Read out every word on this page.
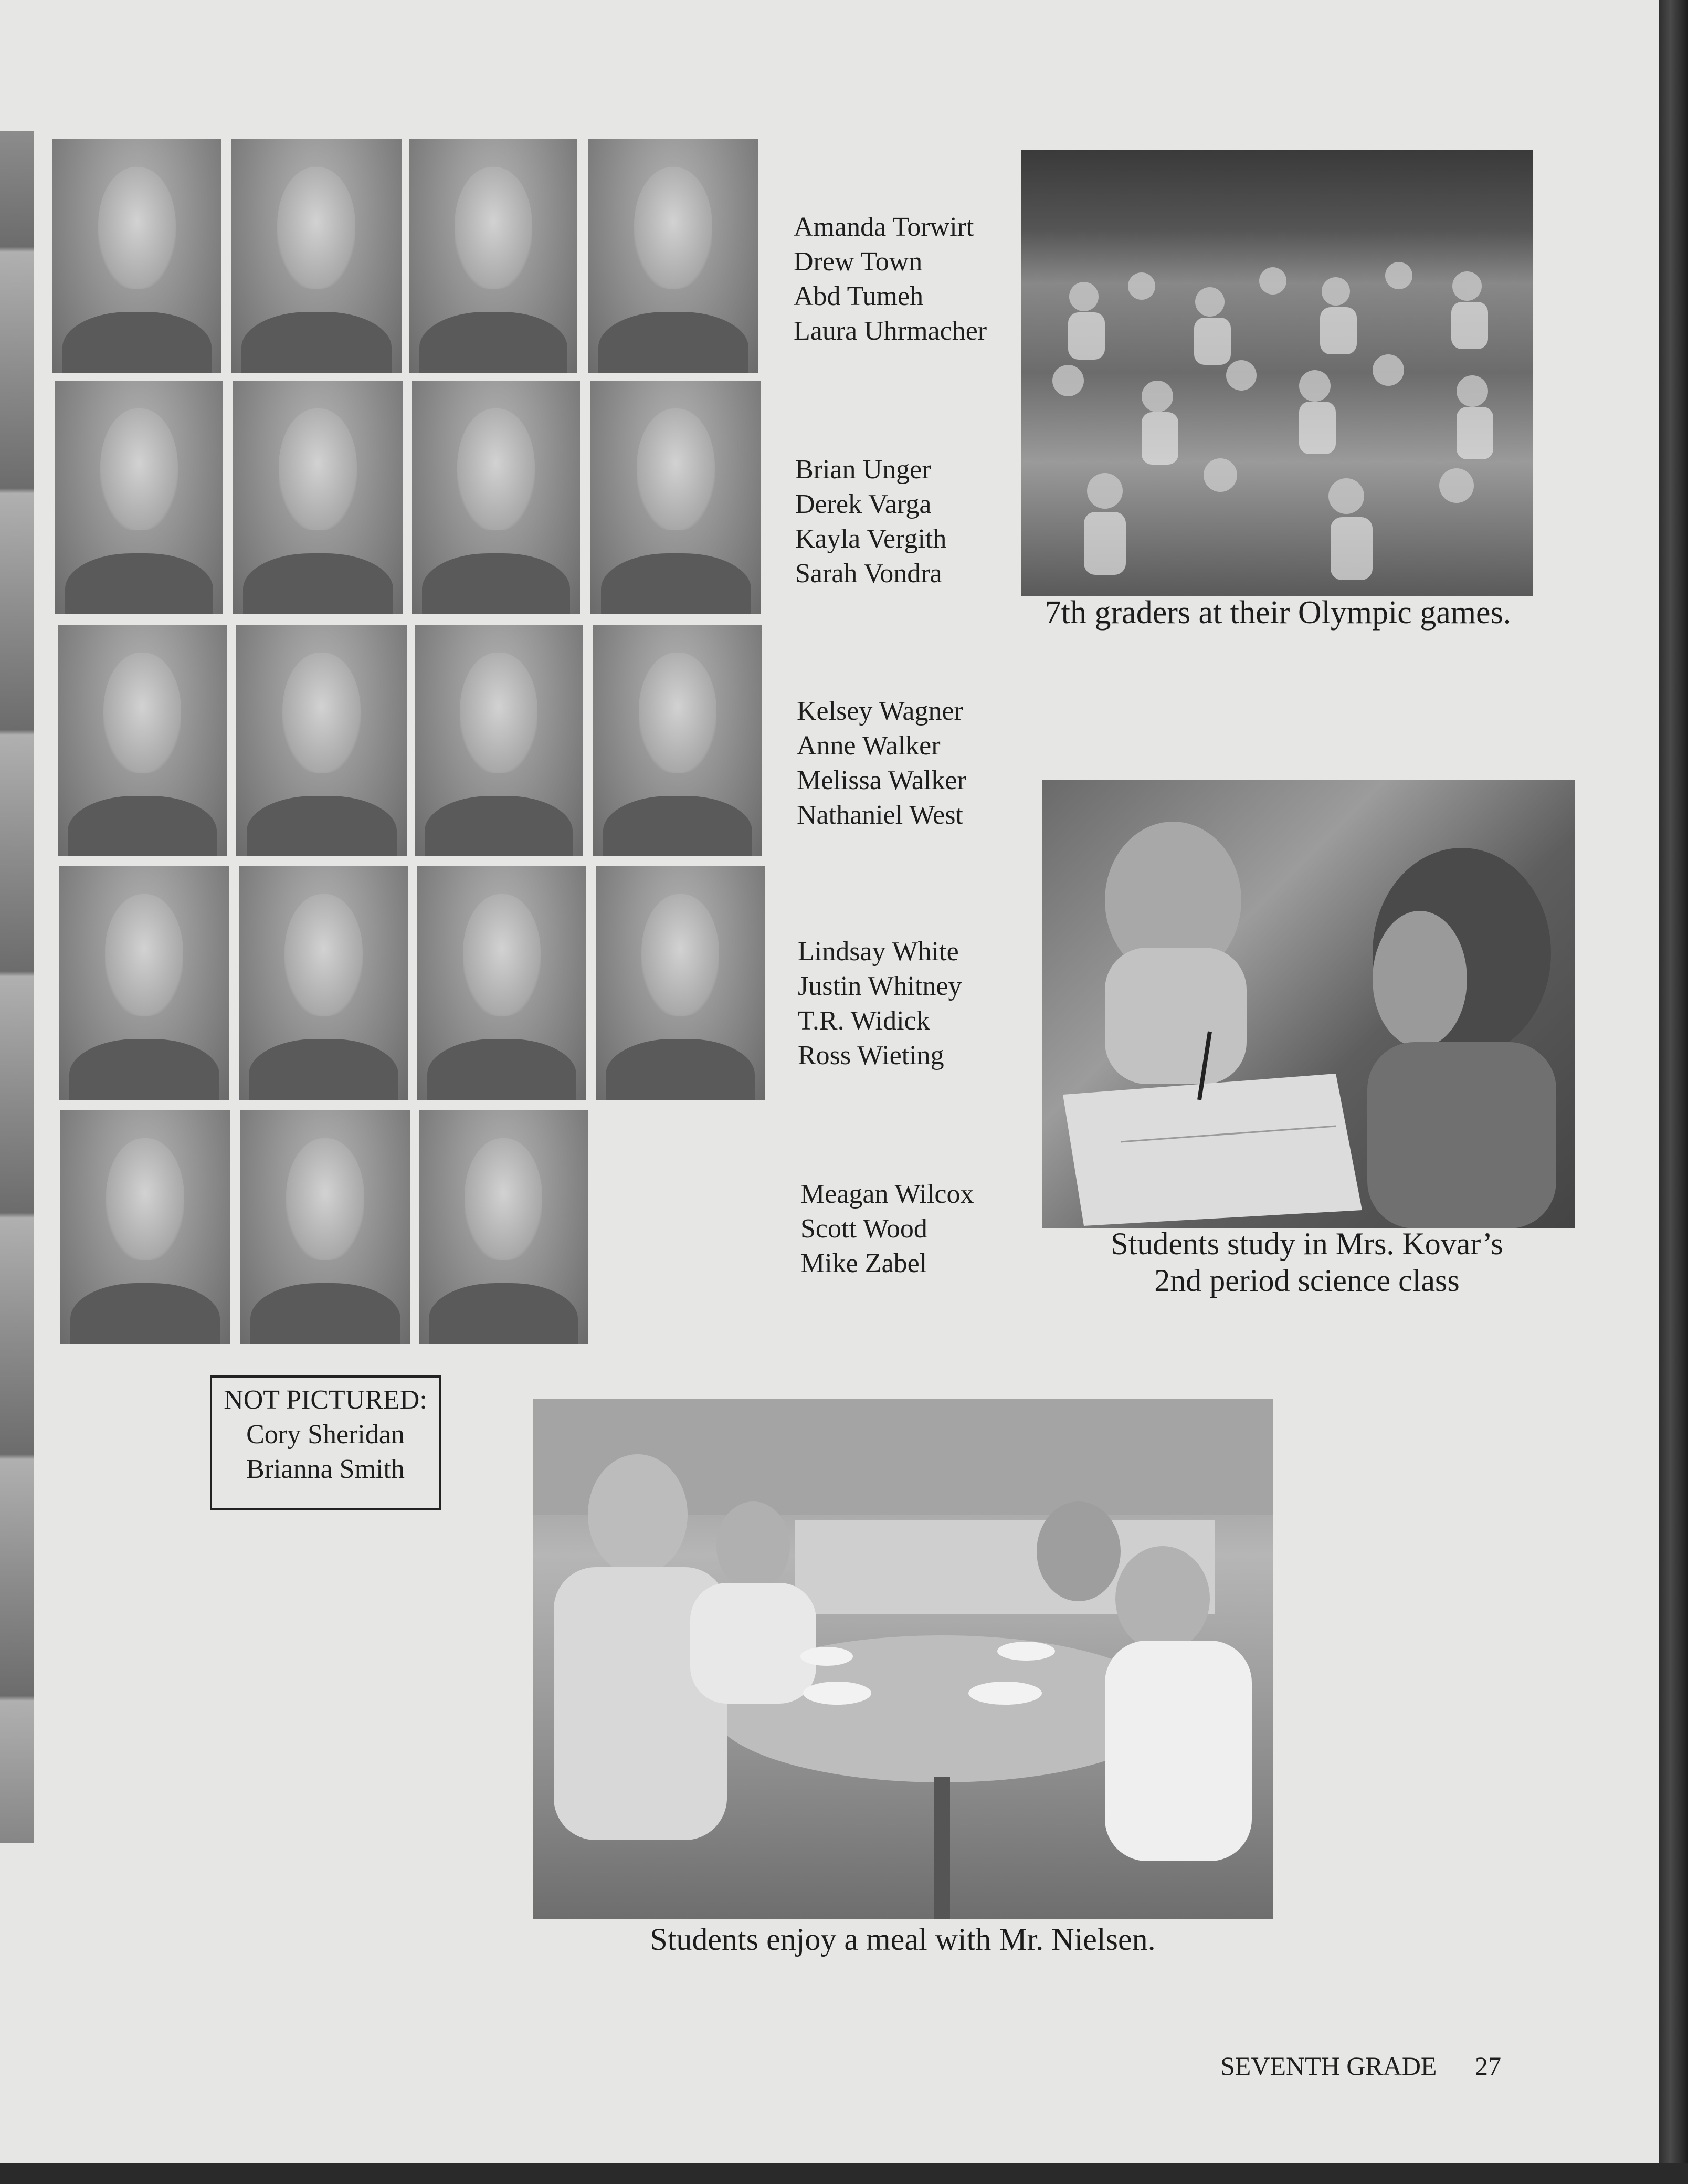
Amanda Torwirt
Drew Town
Abd Tumeh
Laura Uhrmacher
Brian Unger
Derek Varga
Kayla Vergith
Sarah Vondra
Kelsey Wagner
Anne Walker
Melissa Walker
Nathaniel West
Lindsay White
Justin Whitney
T.R. Widick
Ross Wieting
Meagan Wilcox
Scott Wood
Mike Zabel
7th graders at their Olympic games.
Students study in Mrs. Kovar’s
2nd period science class
NOT PICTURED:
Cory Sheridan
Brianna Smith
Students enjoy a meal with Mr. Nielsen.
SEVENTH GRADE 27
